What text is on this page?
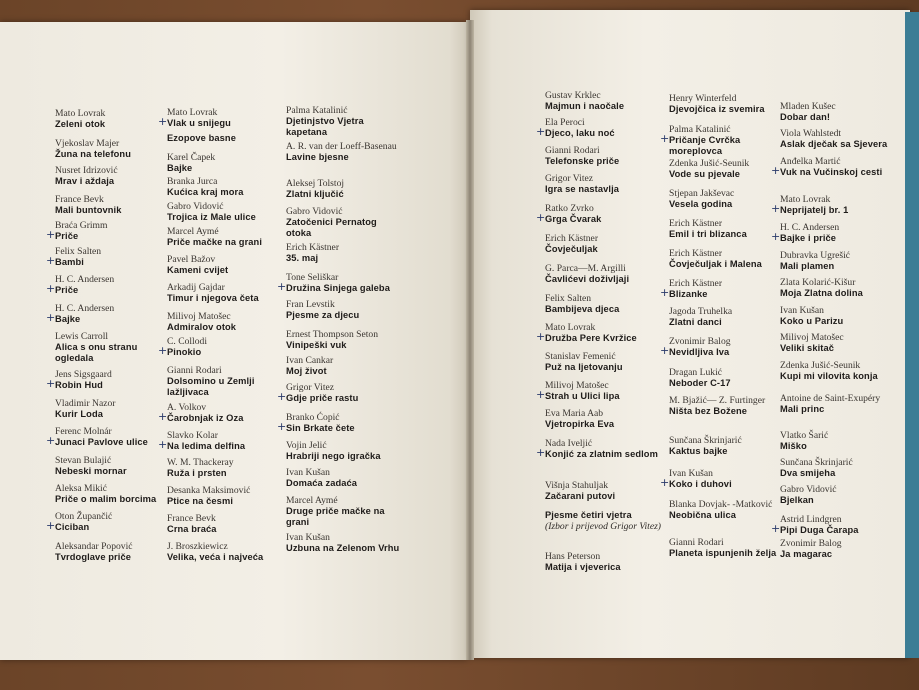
Mato Lovrak
Zeleni otok
Vjekoslav Majer
Žuna na telefonu
Nusret Idrizović
Mrav i aždaja
France Bevk
Mali buntovnik
+
Braća Grimm
Priče
+
Felix Salten
Bambi
+
H. C. Andersen
Priče
+
H. C. Andersen
Bajke
Lewis Carroll
Alica s onu stranu ogledala
+
Jens Sigsgaard
Robin Hud
Vladimir Nazor
Kurir Loda
+
Ferenc Molnár
Junaci Pavlove ulice
Stevan Bulajić
Nebeski mornar
Aleksa Mikić
Priče o malim borcima
+
Oton Župančić
Ciciban
Aleksandar Popović
Tvrdoglave priče
+
Mato Lovrak
Vlak u snijegu
Ezopove basne
Karel Čapek
Bajke
Branka Jurca
Kućica kraj mora
Gabro Vidović
Trojica iz Male ulice
Marcel Aymé
Priče mačke na grani
Pavel Bažov
Kameni cvijet
Arkadij Gajdar
Timur i njegova četa
Milivoj Matošec
Admiralov otok
+
C. Collodi
Pinokio
Gianni Rodari
Dolsomino u Zemlji lažljivaca
+
A. Volkov
Čarobnjak iz Oza
+
Slavko Kolar
Na ledima delfina
W. M. Thackeray
Ruža i prsten
Desanka Maksimović
Ptice na česmi
France Bevk
Crna braća
J. Broszkiewicz
Velika, veća i najveća
Palma Katalinić
Djetinjstvo Vjetra kapetana
A. R. van der Loeff-Basenau
Lavine bjesne
Aleksej Tolstoj
Zlatni ključić
Gabro Vidović
Zatočenici Pernatog otoka
Erich Kästner
35. maj
+
Tone Seliškar
Družina Sinjega galeba
Fran Levstik
Pjesme za djecu
Ernest Thompson Seton
Vinipeški vuk
Ivan Cankar
Moj život
+
Grigor Vitez
Gdje priče rastu
+
Branko Ćopić
Sin Brkate čete
Vojin Jelić
Hrabriji nego igračka
Ivan Kušan
Domaća zadaća
Marcel Aymé
Druge priče mačke na grani
Ivan Kušan
Uzbuna na Zelenom Vrhu
Gustav Krklec
Majmun i naočale
+
Ela Peroci
Djeco, laku noć
Gianni Rodari
Telefonske priče
Grigor Vitez
Igra se nastavlja
+
Ratko Zvrko
Grga Čvarak
Erich Kästner
Čovječuljak
G. Parca—M. Argilli
Čavlićevi doživljaji
Felix Salten
Bambijeva djeca
+
Mato Lovrak
Družba Pere Kvržice
Stanislav Femenić
Puž na ljetovanju
+
Milivoj Matošec
Strah u Ulici lipa
Eva Maria Aab
Vjetropirka Eva
+
Nada Iveljić
Konjić za zlatnim sedlom
Višnja Stahuljak
Začarani putovi
Pjesme četiri vjetra
(Izbor i prijevod Grigor Vitez)
Hans Peterson
Matija i vjeverica
Henry Winterfeld
Djevojčica iz svemira
+
Palma Katalinić
Pričanje Cvrčka moreplovca
Zdenka Jušić-Seunik
Vode su pjevale
Stjepan Jakševac
Vesela godina
Erich Kästner
Emil i tri blizanca
Erich Kästner
Čovječuljak i Malena
+
Erich Kästner
Blizanke
Jagoda Truhelka
Zlatni danci
+
Zvonimir Balog
Nevidljiva Iva
Dragan Lukić
Neboder C-17
M. Bjažić— Z. Furtinger
Ništa bez Božene
Sunčana Škrinjarić
Kaktus bajke
+
Ivan Kušan
Koko i duhovi
Blanka Dovjak- -Matković
Neobična ulica
Gianni Rodari
Planeta ispunjenih želja
Mladen Kušec
Dobar dan!
Viola Wahlstedt
Aslak dječak sa Sjevera
+
Anđelka Martić
Vuk na Vučinskoj cesti
+
Mato Lovrak
Neprijatelj br. 1
+
H. C. Andersen
Bajke i priče
Dubravka Ugrešić
Mali plamen
Zlata Kolarić-Kišur
Moja Zlatna dolina
Ivan Kušan
Koko u Parizu
Milivoj Matošec
Veliki skitač
Zdenka Jušić-Seunik
Kupi mi vilovita konja
Antoine de Saint-Exupéry
Mali princ
Vlatko Šarić
Miško
Sunčana Škrinjarić
Dva smijeha
Gabro Vidović
Bjelkan
+
Astrid Lindgren
Pipi Duga Čarapa
Zvonimir Balog
Ja magarac
